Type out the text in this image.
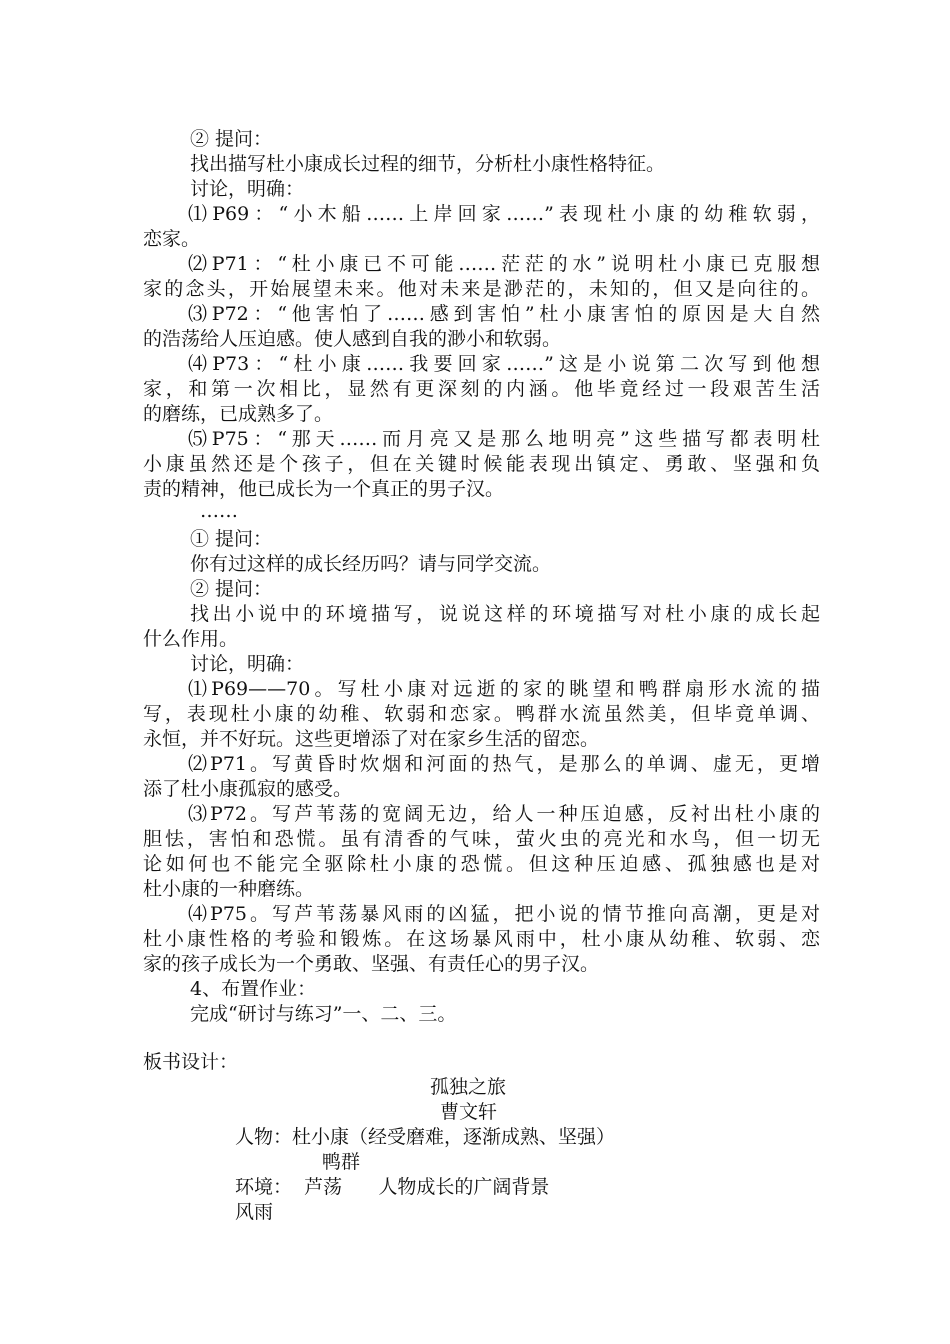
② 提问：
找出描写杜小康成长过程的细节，分析杜小康性格特征。
讨论，明确：
⑴P69：“小木船……上岸回家……”表现杜小康的幼稚软弱，
恋家。
⑵P71：“杜小康已不可能……茫茫的水”说明杜小康已克服想
家的念头，开始展望未来。他对未来是渺茫的，未知的，但又是向往的。
⑶P72：“他害怕了……感到害怕”杜小康害怕的原因是大自然
的浩荡给人压迫感。使人感到自我的渺小和软弱。
⑷P73：“杜小康……我要回家……”这是小说第二次写到他想
家，和第一次相比，显然有更深刻的内涵。他毕竟经过一段艰苦生活
的磨练，已成熟多了。
⑸P75：“那天……而月亮又是那么地明亮”这些描写都表明杜
小康虽然还是个孩子，但在关键时候能表现出镇定、勇敢、坚强和负
责的精神，他已成长为一个真正的男子汉。
……
① 提问：
你有过这样的成长经历吗？请与同学交流。
② 提问：
找出小说中的环境描写，说说这样的环境描写对杜小康的成长起
什么作用。
讨论，明确：
⑴P69——70。写杜小康对远逝的家的眺望和鸭群扇形水流的描
写，表现杜小康的幼稚、软弱和恋家。鸭群水流虽然美，但毕竟单调、
永恒，并不好玩。这些更增添了对在家乡生活的留恋。
⑵P71。写黄昏时炊烟和河面的热气，是那么的单调、虚无，更增
添了杜小康孤寂的感受。
⑶P72。写芦苇荡的宽阔无边，给人一种压迫感，反衬出杜小康的
胆怯，害怕和恐慌。虽有清香的气味，萤火虫的亮光和水鸟，但一切无
论如何也不能完全驱除杜小康的恐慌。但这种压迫感、孤独感也是对
杜小康的一种磨练。
⑷P75。写芦苇荡暴风雨的凶猛，把小说的情节推向高潮，更是对
杜小康性格的考验和锻炼。在这场暴风雨中，杜小康从幼稚、软弱、恋
家的孩子成长为一个勇敢、坚强、有责任心的男子汉。
4、布置作业：
完成“研讨与练习”一、二、三。
板书设计：
孤独之旅
曹文轩
人物：杜小康（经受磨难，逐渐成熟、坚强）
鸭群
环境：  芦荡      人物成长的广阔背景
风雨
